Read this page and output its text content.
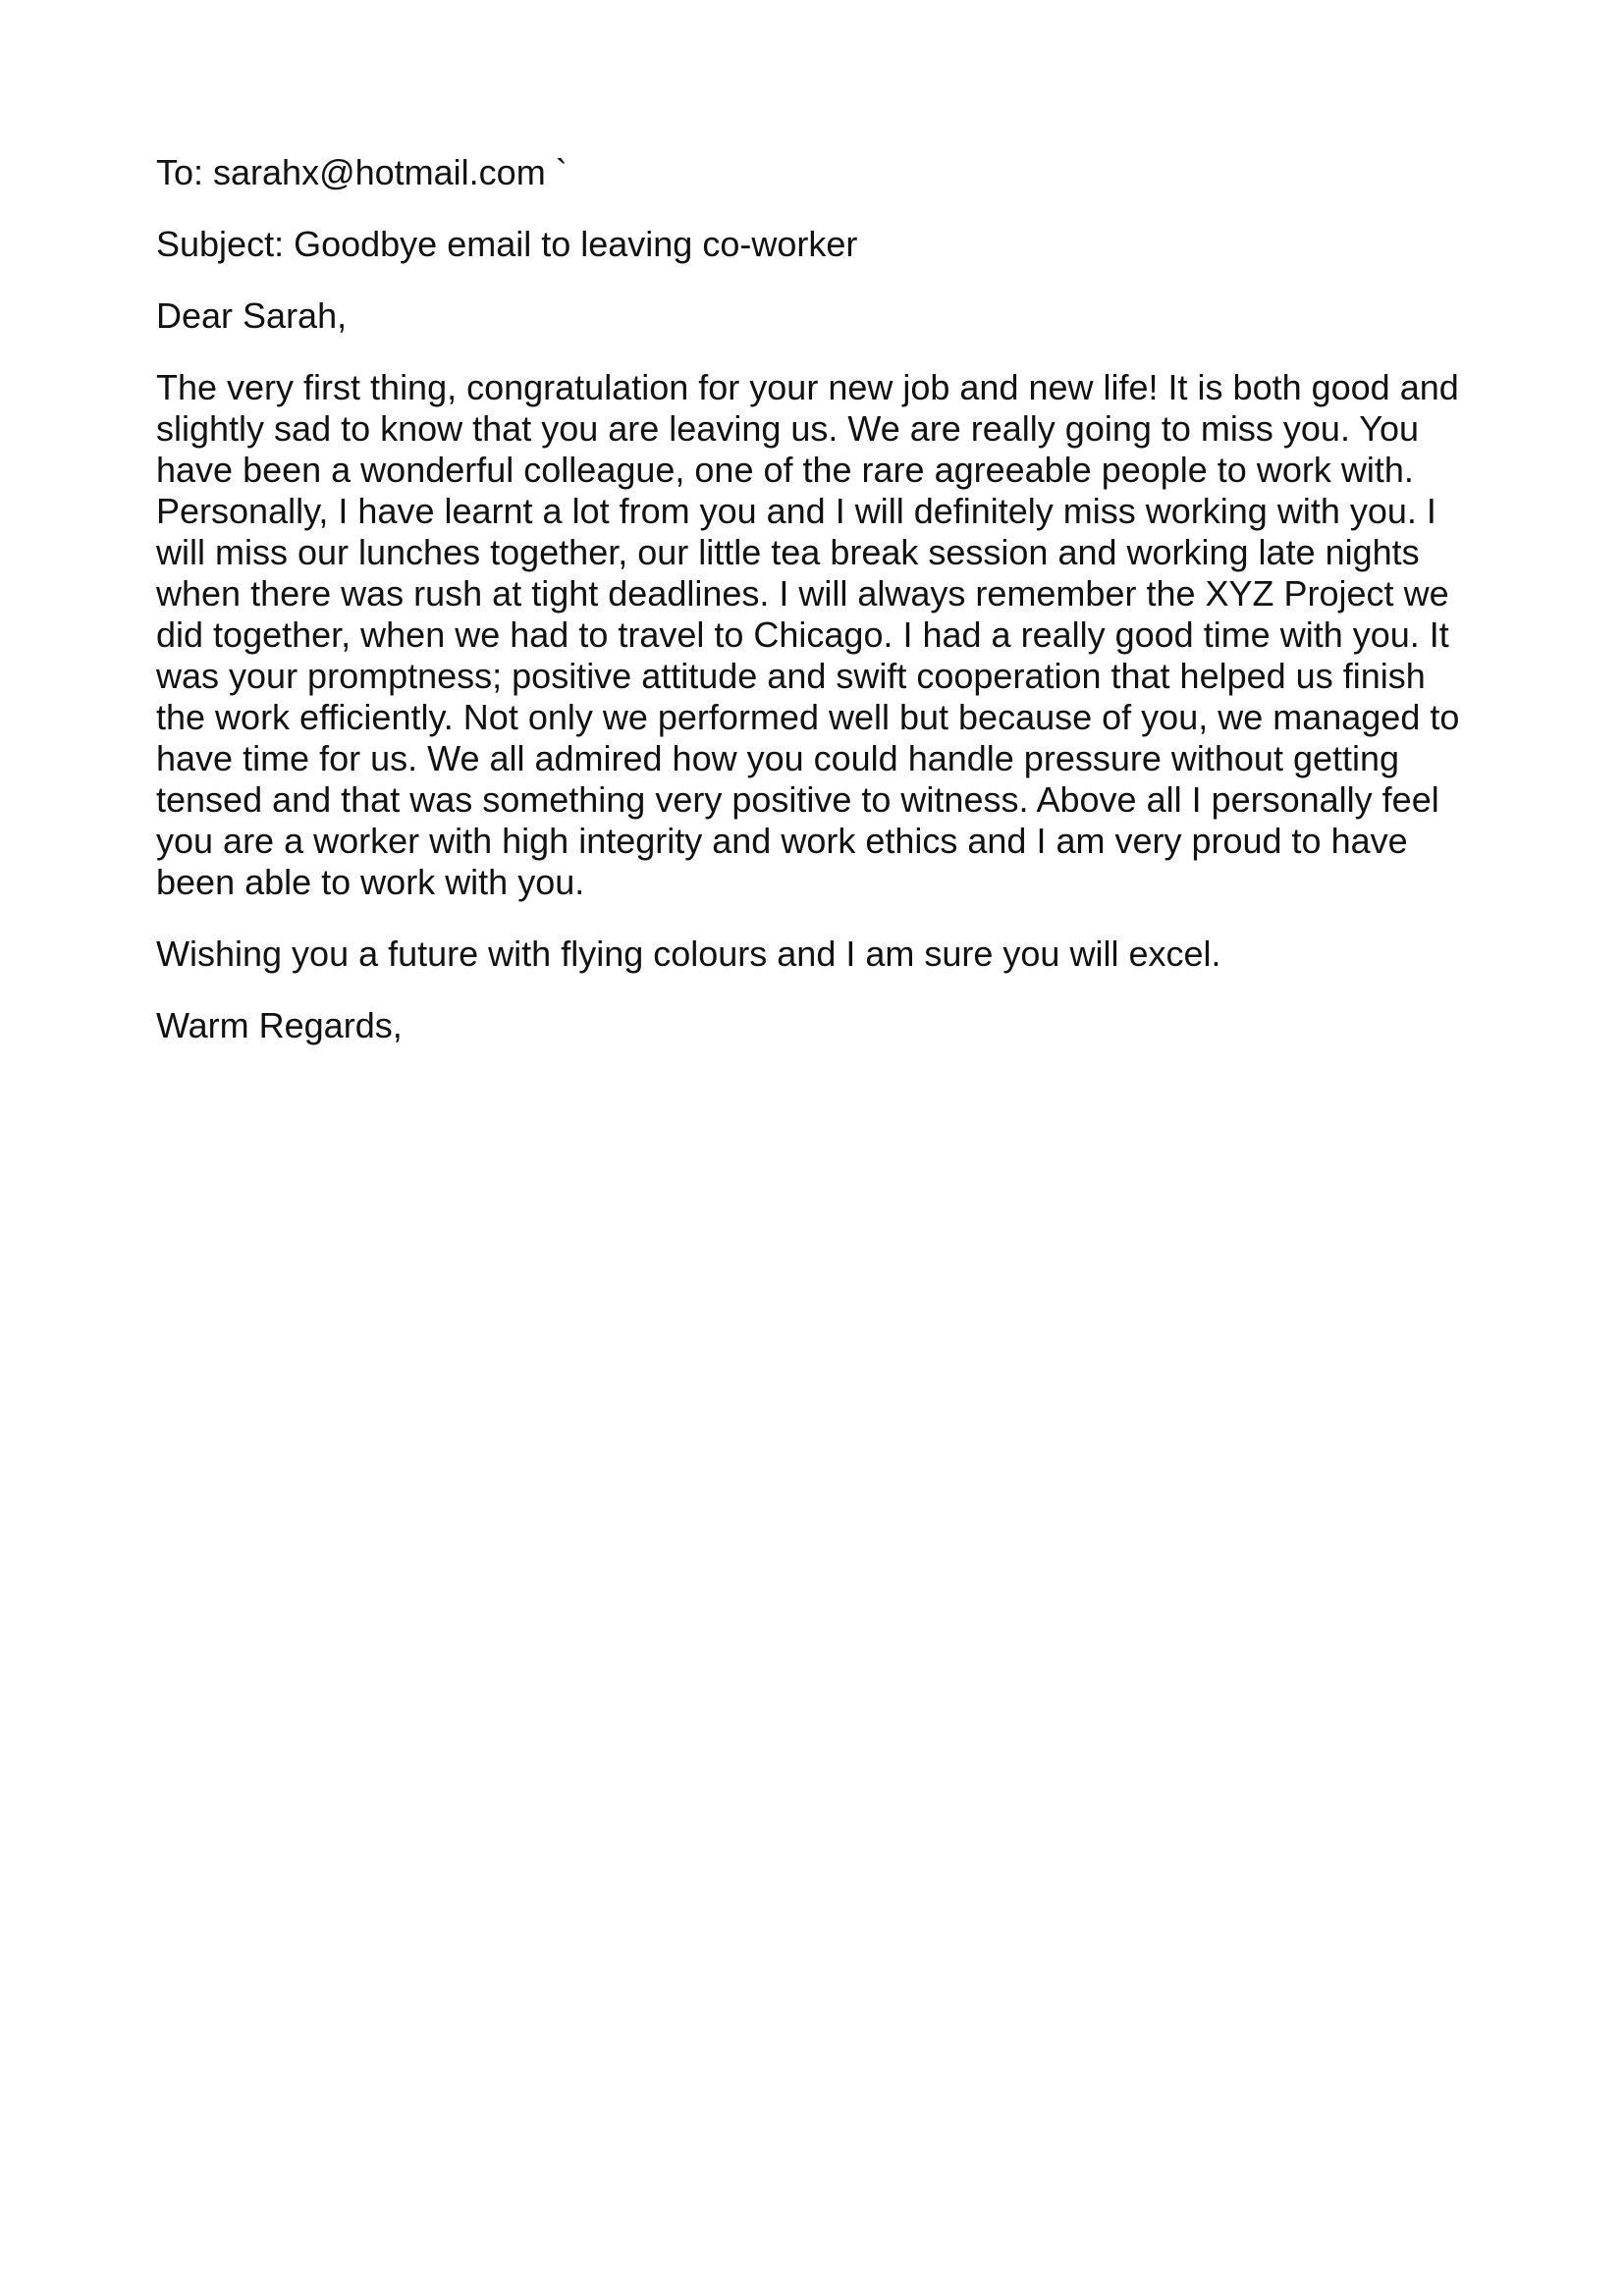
To: sarahx@hotmail.com `
Subject: Goodbye email to leaving co-worker
Dear Sarah,
The very first thing, congratulation for your new job and new life! It is both good and
slightly sad to know that you are leaving us. We are really going to miss you. You
have been a wonderful colleague, one of the rare agreeable people to work with.
Personally, I have learnt a lot from you and I will definitely miss working with you. I
will miss our lunches together, our little tea break session and working late nights
when there was rush at tight deadlines. I will always remember the XYZ Project we
did together, when we had to travel to Chicago. I had a really good time with you. It
was your promptness; positive attitude and swift cooperation that helped us finish
the work efficiently. Not only we performed well but because of you, we managed to
have time for us. We all admired how you could handle pressure without getting
tensed and that was something very positive to witness. Above all I personally feel
you are a worker with high integrity and work ethics and I am very proud to have
been able to work with you.
Wishing you a future with flying colours and I am sure you will excel.
Warm Regards,
